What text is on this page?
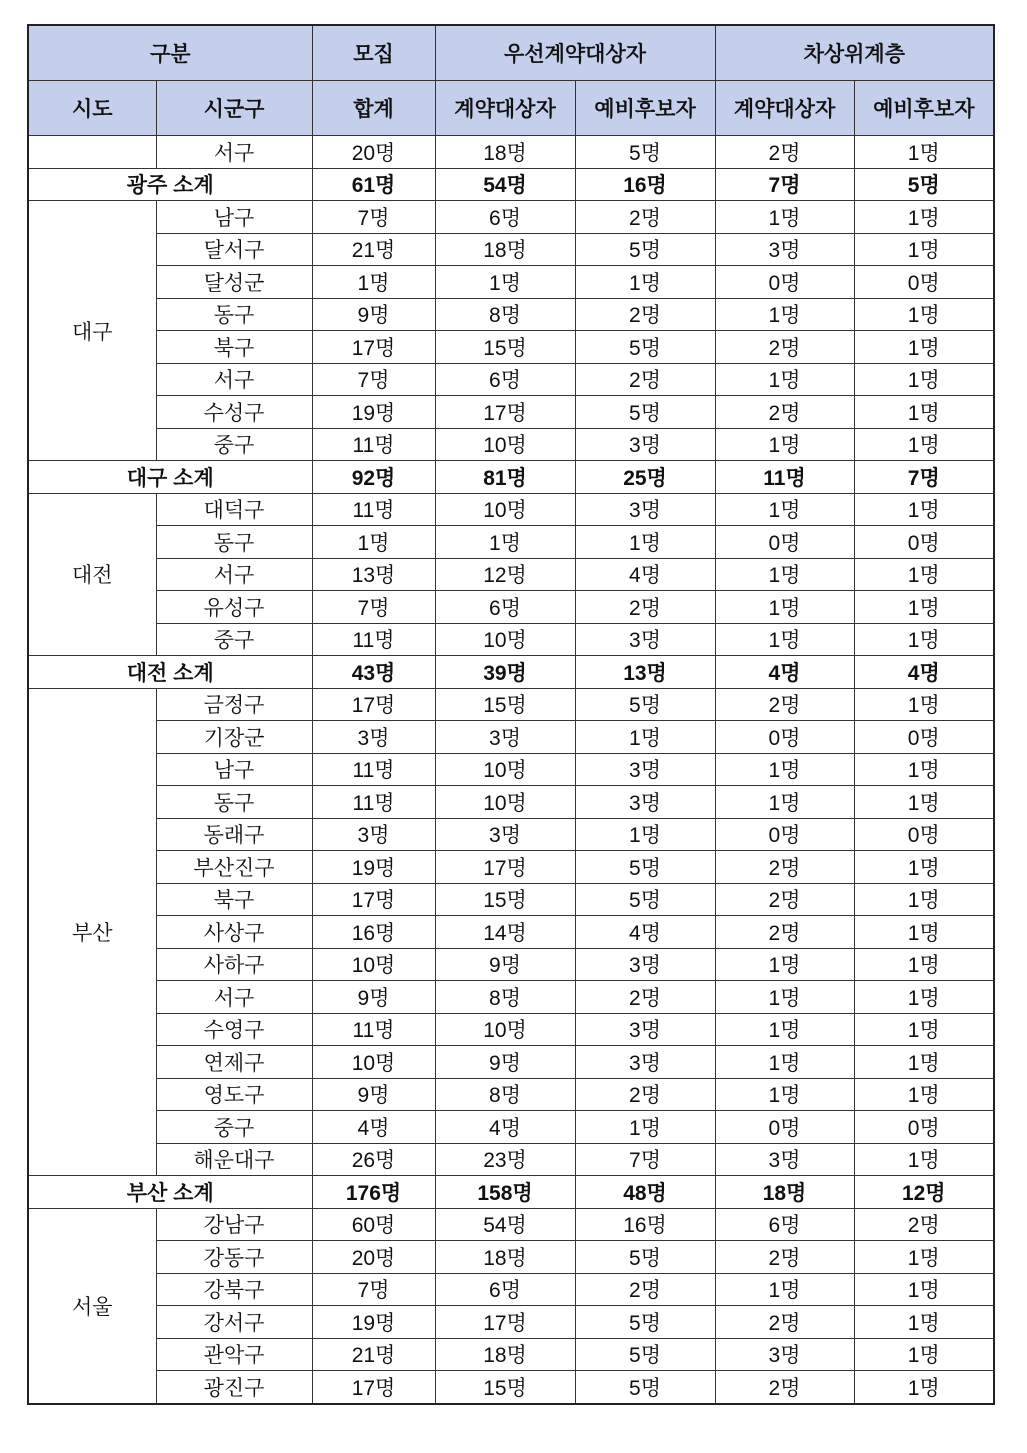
구분		모집	우선계약대상자		차상위계층	
시도	시군구	합계	계약대상자	예비후보자	계약대상자	예비후보자
	서구	20명	18명	5명	2명	1명
광주 소계		61명	54명	16명	7명	5명
대구	남구	7명	6명	2명	1명	1명
	달서구	21명	18명	5명	3명	1명
	달성군	1명	1명	1명	0명	0명
	동구	9명	8명	2명	1명	1명
	북구	17명	15명	5명	2명	1명
	서구	7명	6명	2명	1명	1명
	수성구	19명	17명	5명	2명	1명
	중구	11명	10명	3명	1명	1명
대구 소계		92명	81명	25명	11명	7명
대전	대덕구	11명	10명	3명	1명	1명
	동구	1명	1명	1명	0명	0명
	서구	13명	12명	4명	1명	1명
	유성구	7명	6명	2명	1명	1명
	중구	11명	10명	3명	1명	1명
대전 소계		43명	39명	13명	4명	4명
부산	금정구	17명	15명	5명	2명	1명
	기장군	3명	3명	1명	0명	0명
	남구	11명	10명	3명	1명	1명
	동구	11명	10명	3명	1명	1명
	동래구	3명	3명	1명	0명	0명
	부산진구	19명	17명	5명	2명	1명
	북구	17명	15명	5명	2명	1명
	사상구	16명	14명	4명	2명	1명
	사하구	10명	9명	3명	1명	1명
	서구	9명	8명	2명	1명	1명
	수영구	11명	10명	3명	1명	1명
	연제구	10명	9명	3명	1명	1명
	영도구	9명	8명	2명	1명	1명
	중구	4명	4명	1명	0명	0명
	해운대구	26명	23명	7명	3명	1명
부산 소계		176명	158명	48명	18명	12명
서울	강남구	60명	54명	16명	6명	2명
	강동구	20명	18명	5명	2명	1명
	강북구	7명	6명	2명	1명	1명
	강서구	19명	17명	5명	2명	1명
	관악구	21명	18명	5명	3명	1명
	광진구	17명	15명	5명	2명	1명
